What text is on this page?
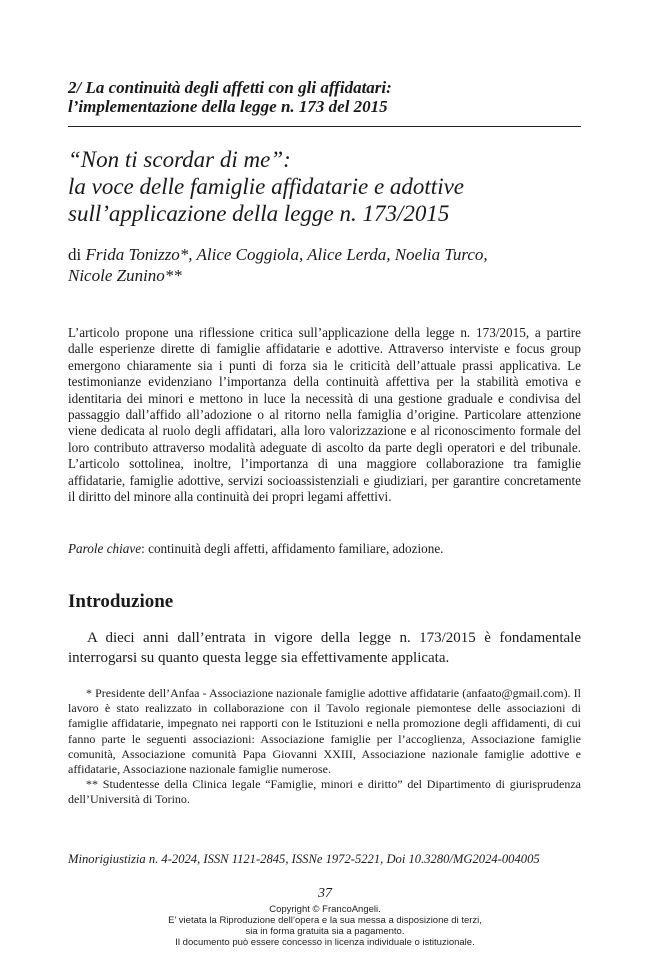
2/ La continuità degli affetti con gli affidatari:
l’implementazione della legge n. 173 del 2015
“Non ti scordar di me”:
la voce delle famiglie affidatarie e adottive
sull’applicazione della legge n. 173/2015
di Frida Tonizzo*, Alice Coggiola, Alice Lerda, Noelia Turco,
Nicole Zunino**
L’articolo propone una riflessione critica sull’applicazione della legge n. 173/2015, a partire dalle esperienze dirette di famiglie affidatarie e adottive. Attraverso interviste e focus group emergono chiaramente sia i punti di forza sia le criticità dell’attuale prassi applicativa. Le testimonianze evidenziano l’importanza della continuità affettiva per la stabilità emotiva e identitaria dei minori e mettono in luce la necessità di una gestione graduale e condivisa del passaggio dall’affido all’adozione o al ritorno nella famiglia d’origine. Particolare attenzione viene dedicata al ruolo degli affidatari, alla loro valorizzazione e al riconoscimento formale del loro contributo attraverso modalità adeguate di ascolto da parte degli operatori e del tribunale. L’articolo sottolinea, inoltre, l’importanza di una maggiore collaborazione tra famiglie affidatarie, famiglie adottive, servizi socioassistenziali e giudiziari, per garantire concretamente il diritto del minore alla continuità dei propri legami affettivi.
Parole chiave: continuità degli affetti, affidamento familiare, adozione.
Introduzione
A dieci anni dall’entrata in vigore della legge n. 173/2015 è fondamentale interrogarsi su quanto questa legge sia effettivamente applicata.

* Presidente dell’Anfaa - Associazione nazionale famiglie adottive affidatarie (anfaato@gmail.com). Il lavoro è stato realizzato in collaborazione con il Tavolo regionale piemontese delle associazioni di famiglie affidatarie, impegnato nei rapporti con le Istituzioni e nella promozione degli affidamenti, di cui fanno parte le seguenti associazioni: Associazione famiglie per l’accoglienza, Associazione famiglie comunità, Associazione comunità Papa Giovanni XXIII, Associazione nazionale famiglie adottive e affidatarie, Associazione nazionale famiglie numerose.

** Studentesse della Clinica legale “Famiglie, minori e diritto” del Dipartimento di giurisprudenza dell’Università di Torino.

Minorigiustizia n. 4-2024, ISSN 1121-2845, ISSNe 1972-5221, Doi 10.3280/MG2024-004005
37
Copyright © FrancoAngeli.
E’ vietata la Riproduzione dell’opera e la sua messa a disposizione di terzi,
sia in forma gratuita sia a pagamento.
Il documento può essere concesso in licenza individuale o istituzionale.
